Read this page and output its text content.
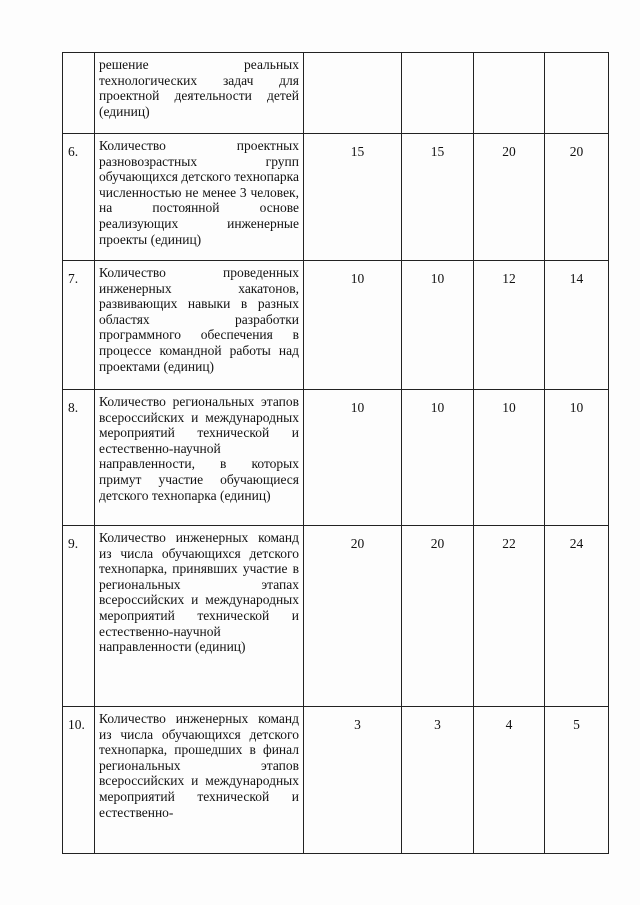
	решение реальных технологических задач для проектной деятельности детей (единиц)				
6.	Количество проектных разновозрастных групп обучающихся детского технопарка численностью не менее 3 человек, на постоянной основе реализующих инженерные проекты (единиц)	15	15	20	20
7.	Количество проведенных инженерных хакатонов, развивающих навыки в разных областях разработки программного обеспечения в процессе командной работы над проектами (единиц)	10	10	12	14
8.	Количество региональных этапов всероссийских и международных мероприятий технической и естественно-научной направленности, в которых примут участие обучающиеся детского технопарка (единиц)	10	10	10	10
9.	Количество инженерных команд из числа обучающихся детского технопарка, принявших участие в региональных этапах всероссийских и международных мероприятий технической и естественно-научной направленности (единиц)	20	20	22	24
10.	Количество инженерных команд из числа обучающихся детского технопарка, прошедших в финал региональных этапов всероссийских и международных мероприятий технической и естественно-	3	3	4	5
